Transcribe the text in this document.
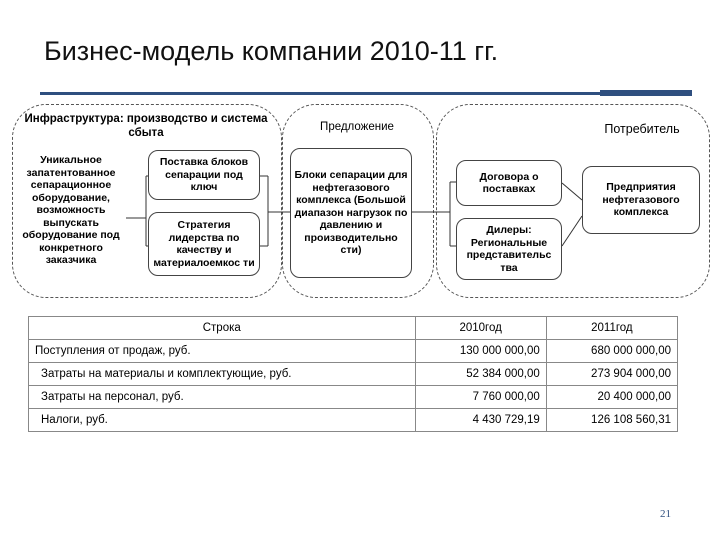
Бизнес-модель компании 2010-11 гг.
Инфраструктура: производство и система сбыта	Предложение	Потребитель
Уникальное запатентованное сепарационное оборудование, возможность выпускать оборудование под конкретного заказчика
Поставка блоков сепарации под ключ
Стратегия лидерства по качеству и материалоемкос ти
Блоки сепарации для нефтегазового комплекса (Большой диапазон нагрузок по давлению и производительно сти)
Договора о поставках
Дилеры: Региональные представительс тва
Предприятия нефтегазового комплекса
Строка	2010год	2011год
Поступления от продаж, руб.	130 000 000,00	680 000 000,00
Затраты на материалы и комплектующие, руб.	52 384 000,00	273 904 000,00
Затраты на персонал, руб.	7 760 000,00	20 400 000,00
Налоги, руб.	4 430 729,19	126 108 560,31
21
